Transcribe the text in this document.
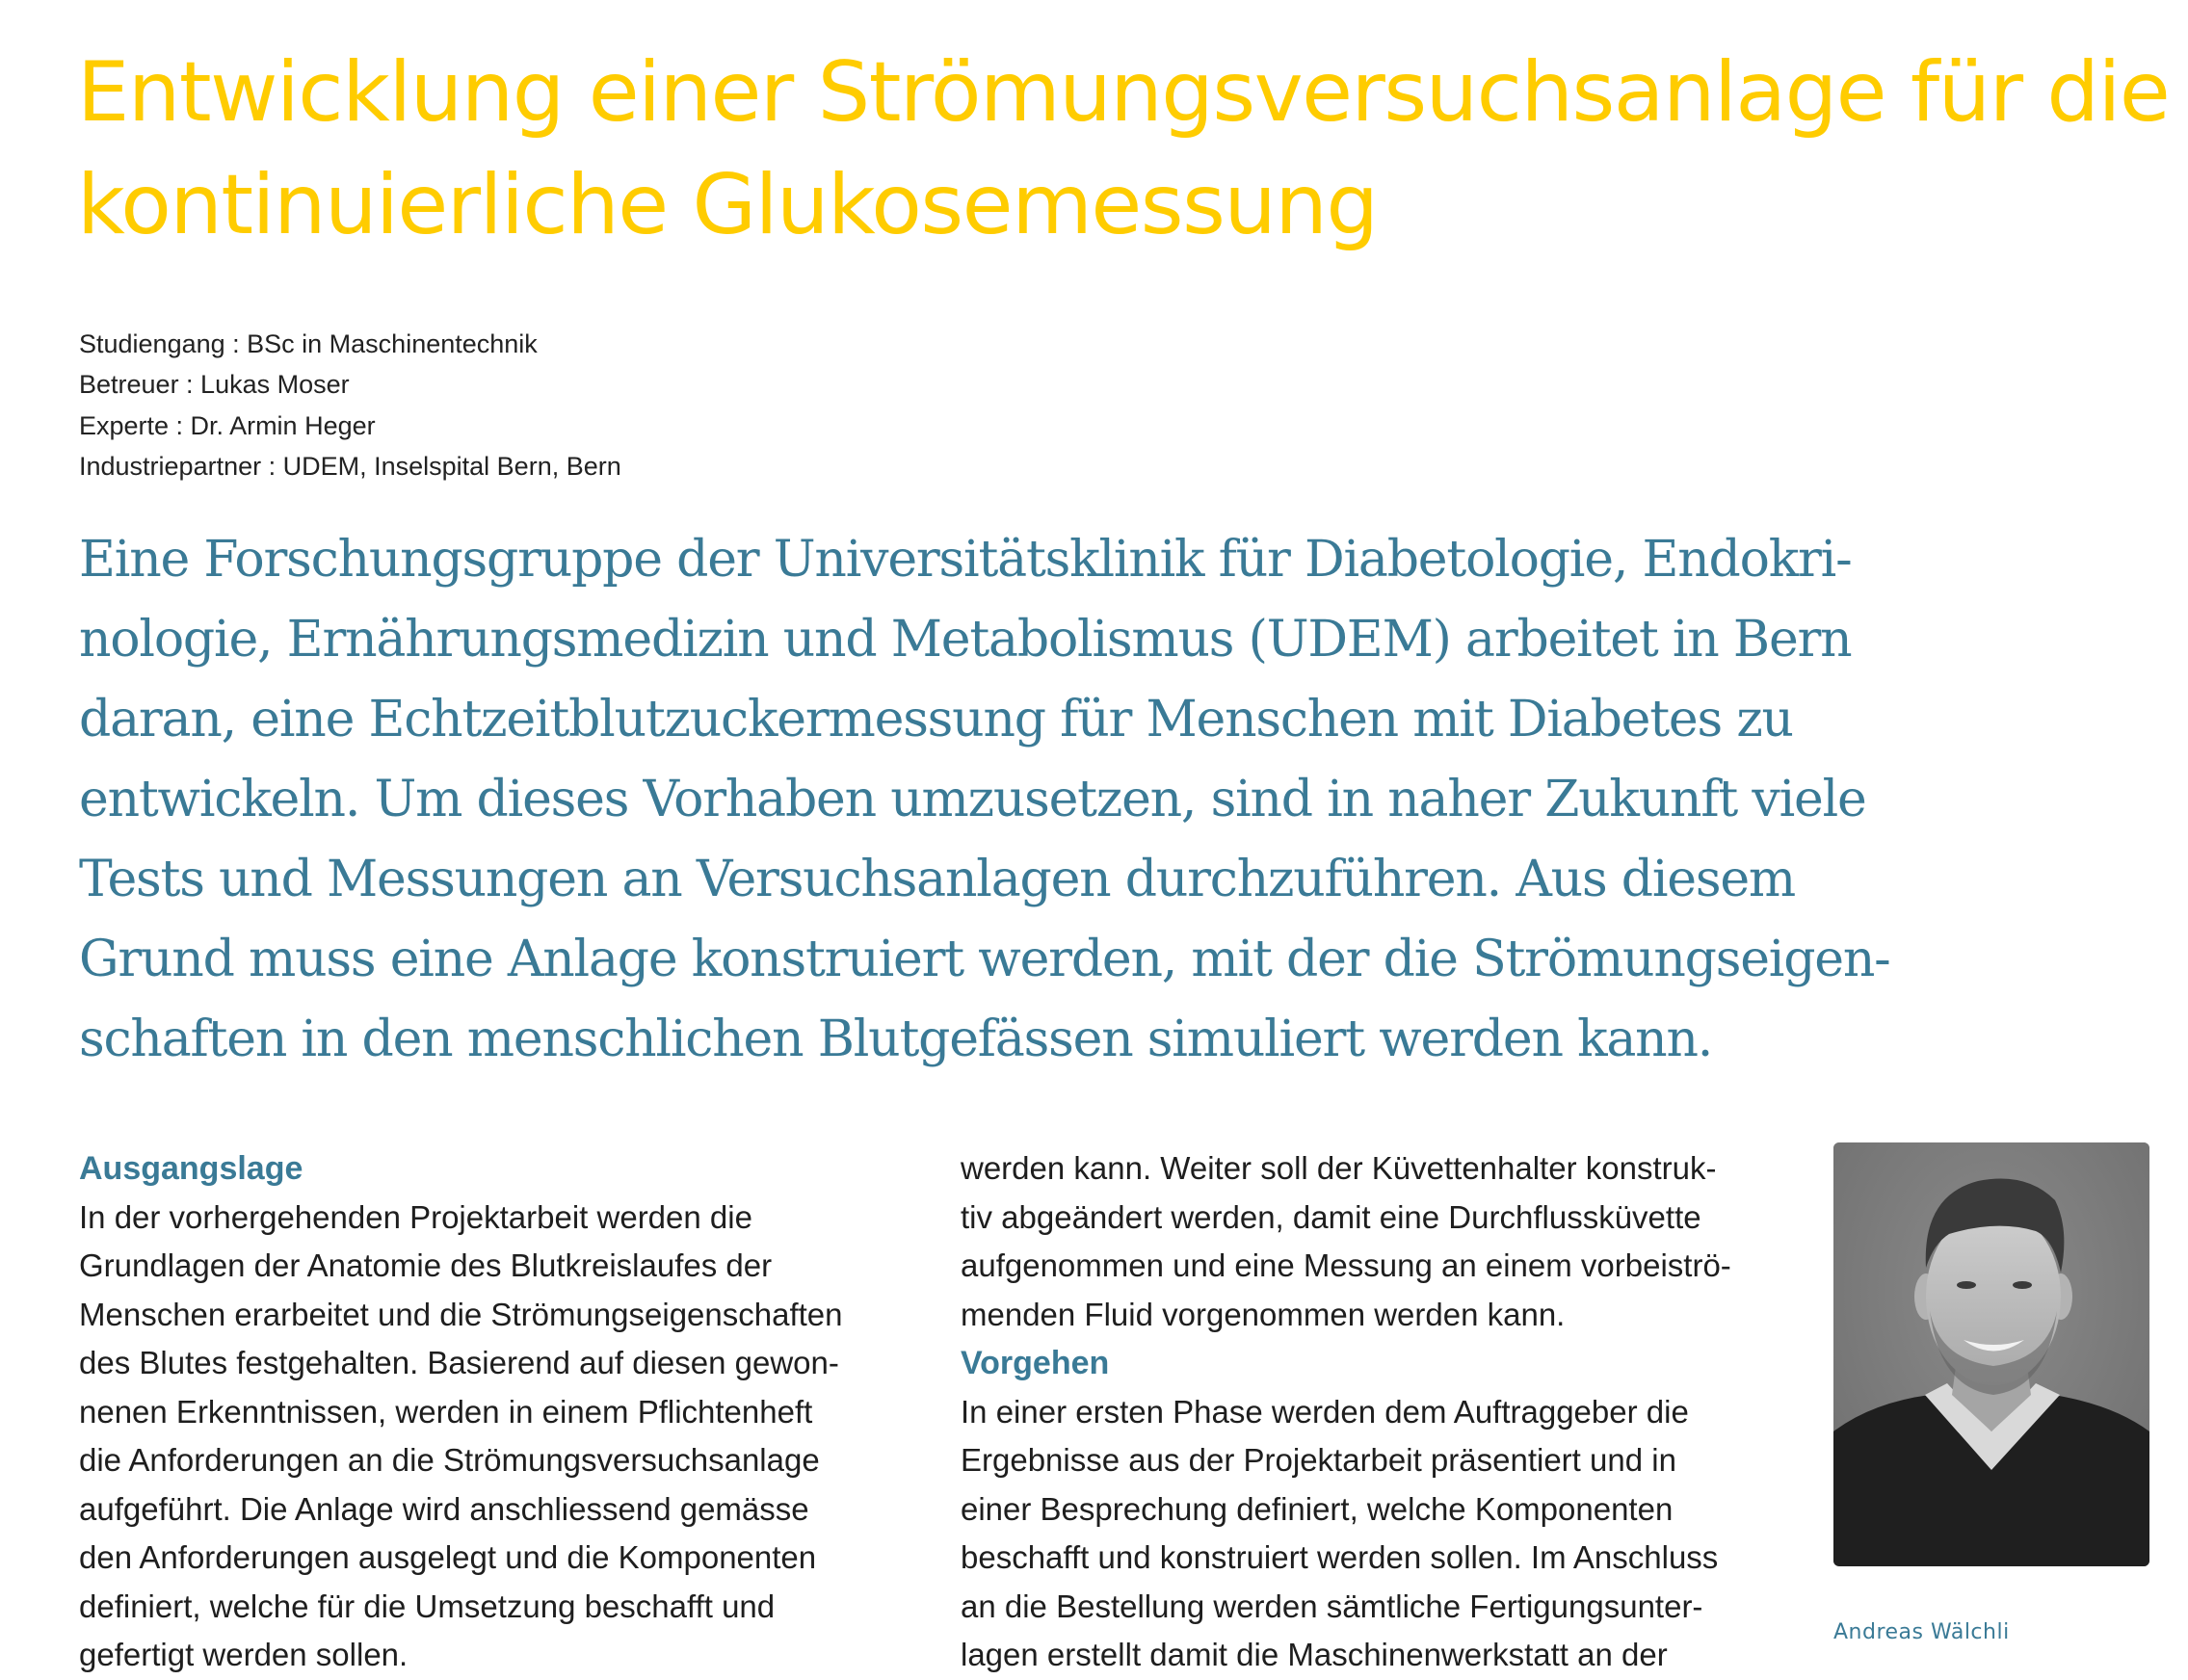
Entwicklung einer Strömungsversuchsanlage für die
kontinuierliche Glukosemessung
Studiengang : BSc in Maschinentechnik
Betreuer : Lukas Moser
Experte : Dr. Armin Heger
Industriepartner : UDEM, Inselspital Bern, Bern
Eine Forschungsgruppe der Universitätsklinik für Diabetologie, Endokri-
nologie, Ernährungsmedizin und Metabolismus (UDEM) arbeitet in Bern
daran, eine Echtzeitblutzuckermessung für Menschen mit Diabetes zu
entwickeln. Um dieses Vorhaben umzusetzen, sind in naher Zukunft viele
Tests und Messungen an Versuchsanlagen durchzuführen. Aus diesem
Grund muss eine Anlage konstruiert werden, mit der die Strömungseigen-
schaften in den menschlichen Blutgefässen simuliert werden kann.
Ausgangslage
In der vorhergehenden Projektarbeit werden die
Grundlagen der Anatomie des Blutkreislaufes der
Menschen erarbeitet und die Strömungseigenschaften
des Blutes festgehalten. Basierend auf diesen gewon-
nenen Erkenntnissen, werden in einem Pflichtenheft
die Anforderungen an die Strömungsversuchsanlage
aufgeführt. Die Anlage wird anschliessend gemässe
den Anforderungen ausgelegt und die Komponenten
definiert, welche für die Umsetzung beschafft und
gefertigt werden sollen.
werden kann. Weiter soll der Küvettenhalter konstruk-
tiv abgeändert werden, damit eine Durchflussküvette
aufgenommen und eine Messung an einem vorbeiströ-
menden Fluid vorgenommen werden kann.
Vorgehen
In einer ersten Phase werden dem Auftraggeber die
Ergebnisse aus der Projektarbeit präsentiert und in
einer Besprechung definiert, welche Komponenten
beschafft und konstruiert werden sollen. Im Anschluss
an die Bestellung werden sämtliche Fertigungsunter-
lagen erstellt damit die Maschinenwerkstatt an der
Andreas Wälchli
